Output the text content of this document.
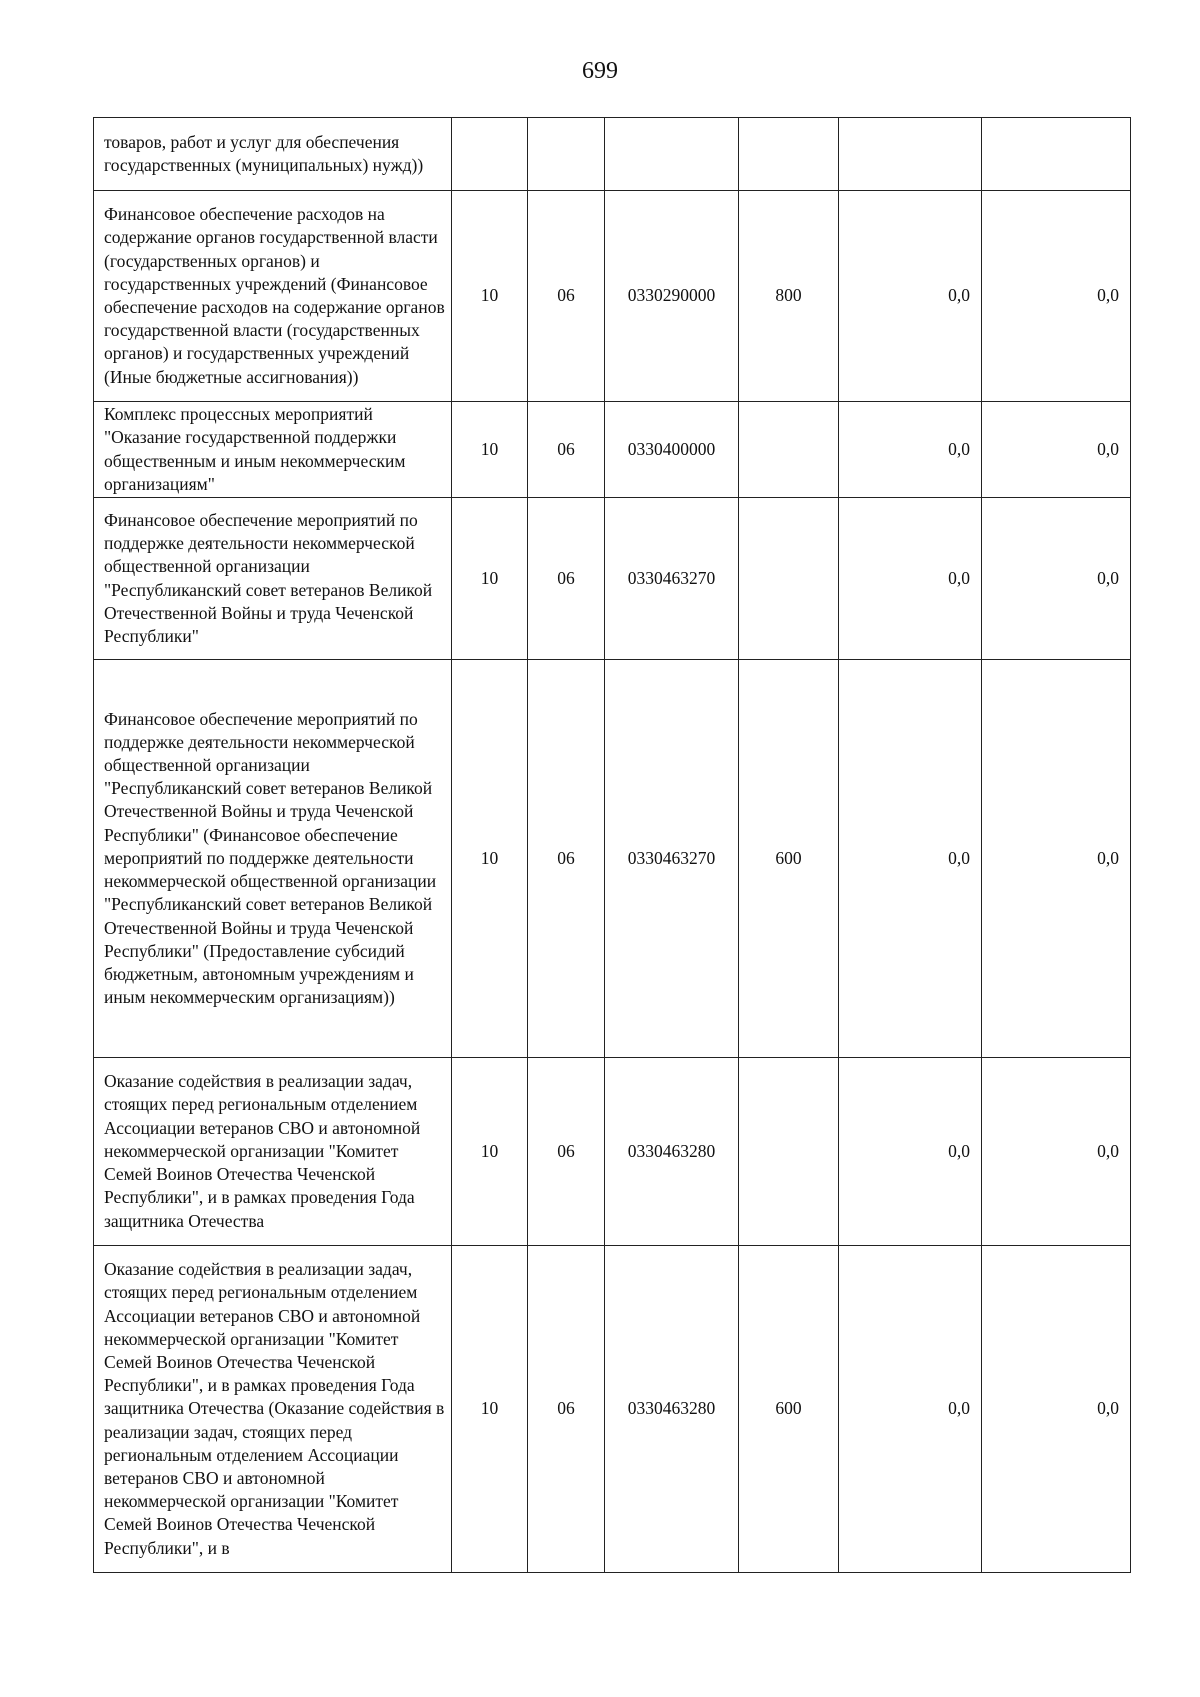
699
товаров, работ и услуг для обеспечения государственных (муниципальных) нужд))						
Финансовое обеспечение расходов на содержание органов государственной власти (государственных органов) и государственных учреждений (Финансовое обеспечение расходов на содержание органов государственной власти (государственных органов) и государственных учреждений (Иные бюджетные ассигнования))	10	06	0330290000	800	0,0	0,0
Комплекс процессных мероприятий "Оказание государственной поддержки общественным и иным некоммерческим организациям"	10	06	0330400000		0,0	0,0
Финансовое обеспечение мероприятий по поддержке деятельности некоммерческой общественной организации "Республиканский совет ветеранов Великой Отечественной Войны и труда Чеченской Республики"	10	06	0330463270		0,0	0,0
Финансовое обеспечение мероприятий по поддержке деятельности некоммерческой общественной организации "Республиканский совет ветеранов Великой Отечественной Войны и труда Чеченской Республики" (Финансовое обеспечение мероприятий по поддержке деятельности некоммерческой общественной организации "Республиканский совет ветеранов Великой Отечественной Войны и труда Чеченской Республики" (Предоставление субсидий бюджетным, автономным учреждениям и иным некоммерческим организациям))	10	06	0330463270	600	0,0	0,0
Оказание содействия в реализации задач, стоящих перед региональным отделением Ассоциации ветеранов СВО и автономной некоммерческой организации "Комитет Семей Воинов Отечества Чеченской Республики", и в рамках проведения Года защитника Отечества	10	06	0330463280		0,0	0,0
Оказание содействия в реализации задач, стоящих перед региональным отделением Ассоциации ветеранов СВО и автономной некоммерческой организации "Комитет Семей Воинов Отечества Чеченской Республики", и в рамках проведения Года защитника Отечества (Оказание содействия в реализации задач, стоящих перед региональным отделением Ассоциации ветеранов СВО и автономной некоммерческой организации "Комитет Семей Воинов Отечества Чеченской Республики", и в	10	06	0330463280	600	0,0	0,0
